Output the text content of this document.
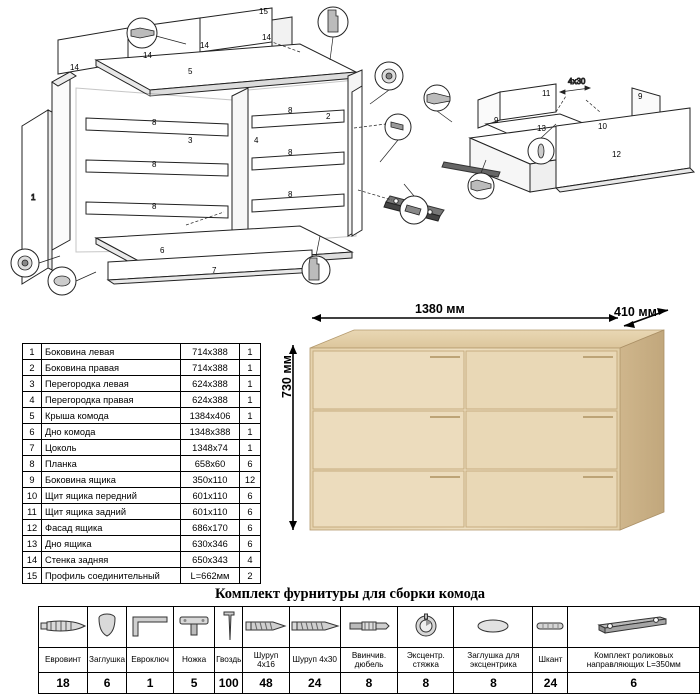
1
4х30
14
14
14
14
15
5
8
8
8
8
8
8
3	4
2
6
7
9
9
11
13	10
12
1380 мм	410 мм
730 мм
1	Боковина левая	714х388	1
2	Боковина правая	714х388	1
3	Перегородка левая	624х388	1
4	Перегородка правая	624х388	1
5	Крыша комода	1384х406	1
6	Дно комода	1348х388	1
7	Цоколь	1348х74	1
8	Планка	658х60	6
9	Боковина ящика	350х110	12
10	Щит ящика передний	601х110	6
11	Щит ящика задний	601х110	6
12	Фасад ящика	686х170	6
13	Дно ящика	630х346	6
14	Стенка задняя	650х343	4
15	Профиль соединительный	L=662мм	2
Комплект фурнитуры для сборки комода

Евровинт	Заглушка	Евроключ	Ножка	Гвоздь	Шуруп 4х16	Шуруп 4х30	Ввинчив. дюбель	Эксцентр. стяжка	Заглушка для эксцентрика	Шкант	Комплект роликовых направляющих L=350мм
18	6	1	5	100	48	24	8	8	8	24	6
